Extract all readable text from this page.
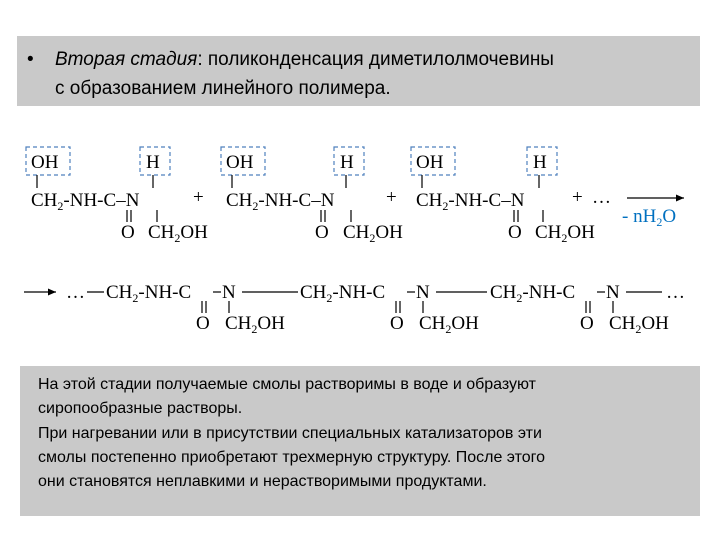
• Вторая стадия: поликонденсация диметилолмочевины
с образованием линейного полимера.
OH	H
$CH_2-NH-C-N$
O $CH_2OH$
+
OH	H
$CH_2-NH-C-N$
O $CH_2OH$
+
OH	H
$CH_2-NH-C-N$
O $CH_2OH$
+ …
- $nH_2O$
… $CH_2-NH-C$ N
O $CH_2OH$
$CH_2-NH-C$ N
O $CH_2OH$
$CH_2-NH-C$ N
O $CH_2OH$
…
На этой стадии получаемые смолы растворимы в воде и образуют
сиропообразные растворы.
При нагревании или в присутствии специальных катализаторов эти
смолы постепенно приобретают трехмерную структуру. После этого
они становятся неплавкими и нерастворимыми продуктами.
